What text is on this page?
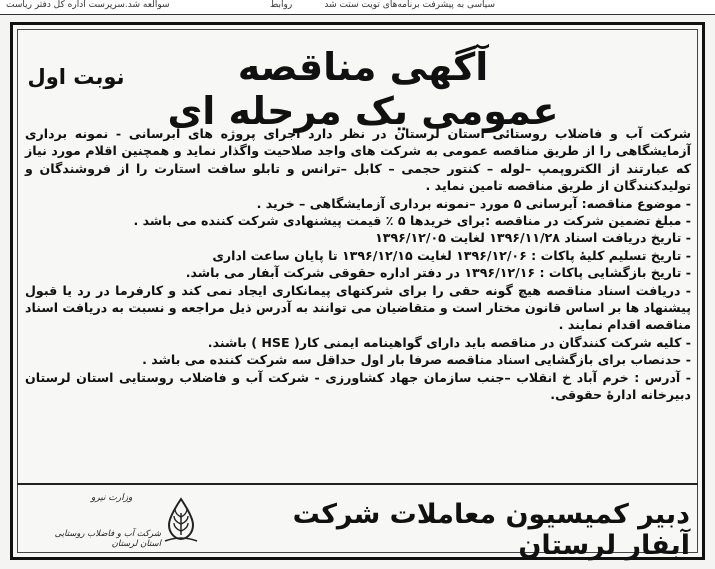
سوالعه شد.سرپرست اداره کل دفتر ریاست	روابط	سیاسی به پیشرفت برنامه‌های تویت ستت شد
آگهی مناقصه عمومی یک مرحله ای
نوبت اول

شرکت آب و فاضلاب روستائی استان لرستان در نظر دارد اجرای پروژه های آبرسانی - نمونه برداری آزمایشگاهی را از طریق مناقصه عمومی به شرکت های واجد صلاحیت واگذار نماید و همچنین اقلام مورد نیاز که عبارتند از الکتروپمپ –لوله – کنتور حجمی – کابل –ترانس و تابلو سافت استارت را از فروشندگان و تولیدکنندگان از طریق مناقصه تامین نماید .

- موضوع مناقصه: آبرسانی ۵ مورد –نمونه برداری آزمایشگاهی – خرید .

- مبلغ تضمین شرکت در مناقصه :برای خریدها ۵ ٪ قیمت پیشنهادی شرکت کننده می باشد .

- تاریخ دریافت اسناد ۱۳۹۶/۱۱/۲۸ لغایت ۱۳۹۶/۱۲/۰۵

- تاریخ تسلیم کلیهٔ پاکات : ۱۳۹۶/۱۲/۰۶ لغایت ۱۳۹۶/۱۲/۱۵ تا پایان ساعت اداری

- تاریخ بازگشایی پاکات : ۱۳۹۶/۱۲/۱۶ در دفتر اداره حقوقی شرکت آبفار می باشد.

- دریافت اسناد مناقصه هیچ گونه حقی را برای شرکتهای پیمانکاری ایجاد نمی کند و کارفرما در رد یا قبول پیشنهاد ها بر اساس قانون مختار است و متقاضیان می توانند به آدرس ذیل مراجعه و نسبت به دریافت اسناد مناقصه اقدام نمایند .

- کلیه شرکت کنندگان در مناقصه باید دارای گواهینامه ایمنی کار( HSE ) باشند.

- حدنصاب برای بازگشایی اسناد مناقصه صرفا بار اول حداقل سه شرکت کننده می باشد .

- آدرس : خرم آباد خ انقلاب –جنب سازمان جهاد کشاورزی - شرکت آب و فاضلاب روستایی استان لرستان دبیرخانه ادارهٔ حقوقی.

دبیر کمیسیون معاملات شرکت آبفار لرستان
وزارت نیرو
شرکت آب و فاضلاب روستایی استان لرستان
